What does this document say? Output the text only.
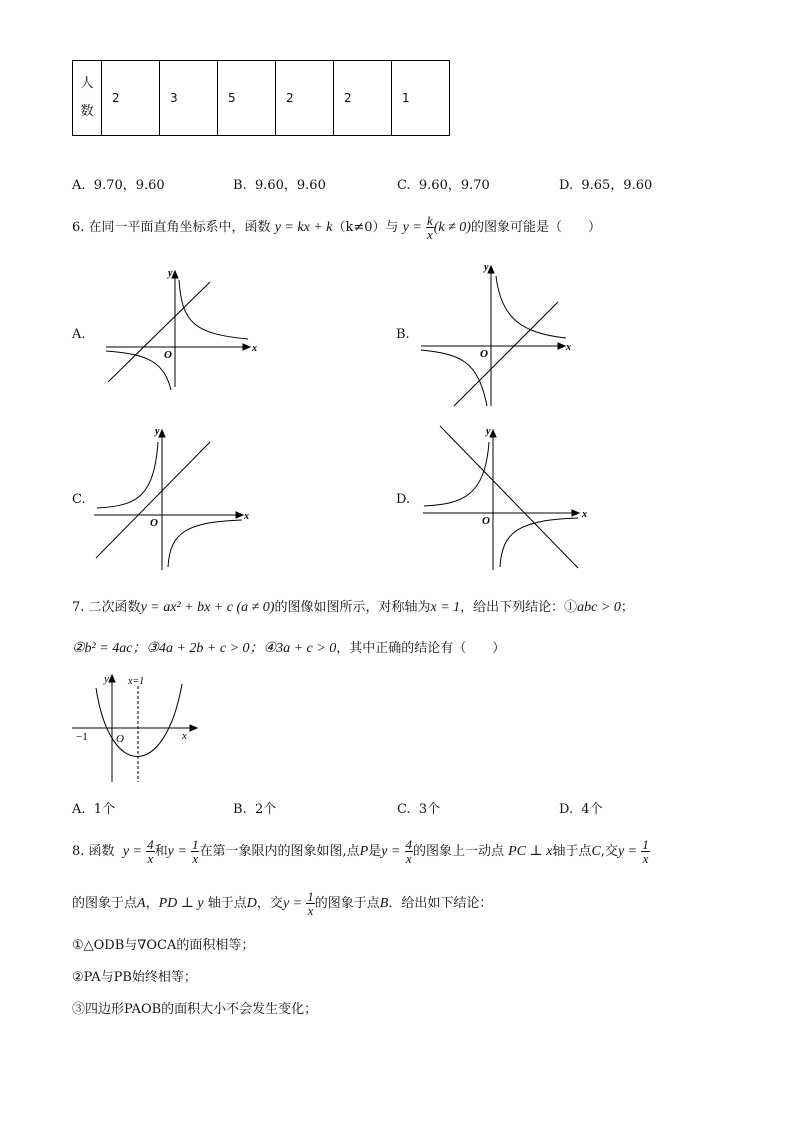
人
数	2	3	5	2	2	1
A. 9.70，9.60	B. 9.60，9.60	C. 9.60，9.70	D. 9.65，9.60
6. 在同一平面直角坐标系中，函数 y = kx + k（k≠0）与 $y = \frac{k}{x} (k \ne 0)$的图象可能是（　　）
A.	B.
C.	D.
y
x
O
y
x
O
y
x
O
y
x
O
7. 二次函数y = ax² + bx + c (a ≠ 0)的图像如图所示，对称轴为x = 1，给出下列结论：①abc > 0；
②b² = 4ac；③4a + 2b + c > 0；④3a + c > 0，其中正确的结论有（　　）
y
x
x=1
−1	O
A. 1个	B. 2个	C. 3个	D. 4个
8. 函数 $y = \frac{4}{x}$ 和$y = \frac{1}{x}$ 在第一象限内的图象如图,点P是$y = \frac{4}{x}$ 的图象上一动点 PC ⊥ x轴于点C,交$y = \frac{1}{x}$
的图象于点A，PD ⊥ y 轴于点D，交$y = \frac{1}{x}$ 的图象于点B．给出如下结论：
①△ODB与∇OCA的面积相等；
②PA与PB始终相等；
③四边形PAOB的面积大小不会发生变化；
